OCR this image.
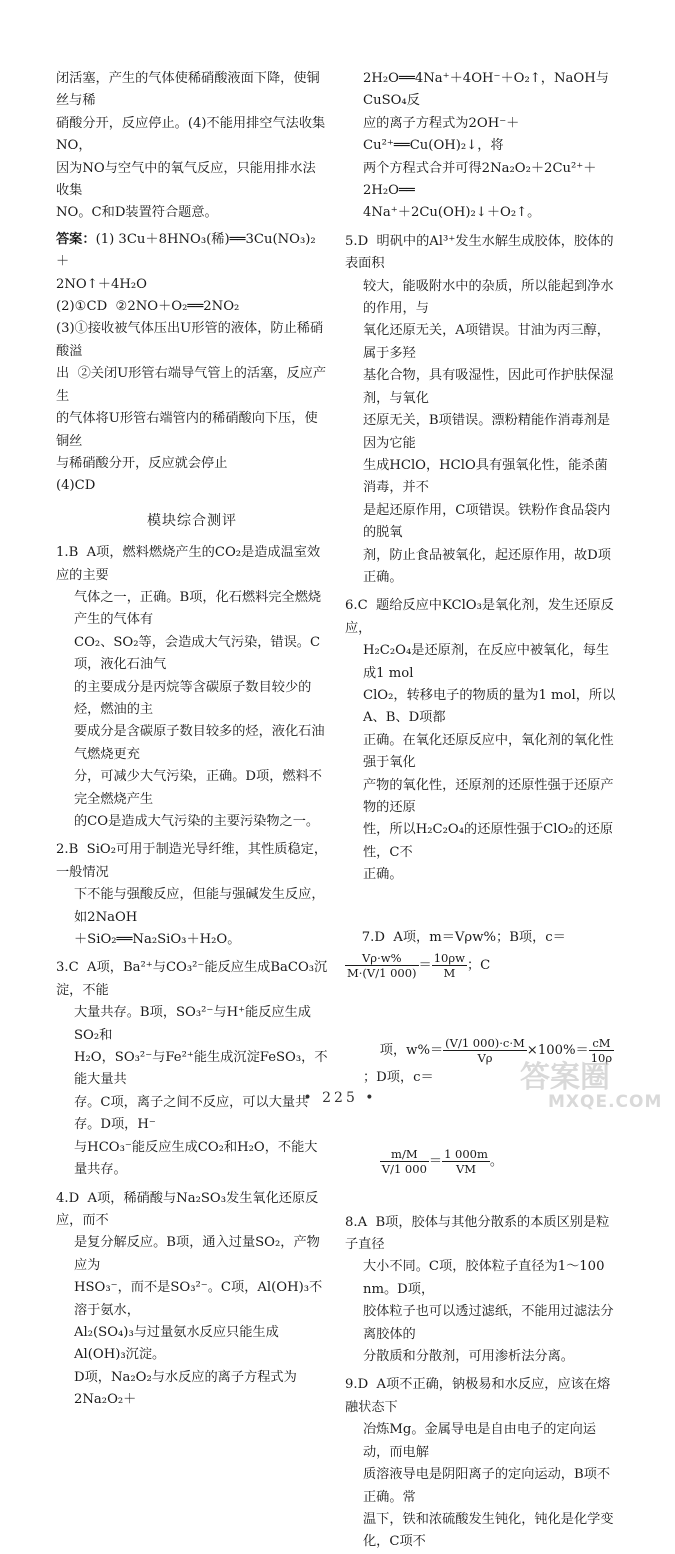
闭活塞，产生的气体使稀硝酸液面下降，使铜丝与稀

硝酸分开，反应停止。(4)不能用排空气法收集NO，

因为NO与空气中的氧气反应，只能用排水法收集

NO。C和D装置符合题意。

答案：(1) 3Cu＋8HNO₃(稀)══3Cu(NO₃)₂＋

2NO↑＋4H₂O

(2)①CD  ②2NO＋O₂══2NO₂

(3)①接收被气体压出U形管的液体，防止稀硝酸溢

出  ②关闭U形管右端导气管上的活塞，反应产生

的气体将U形管右端管内的稀硝酸向下压，使铜丝

与稀硝酸分开，反应就会停止

(4)CD

模块综合测评

1.B  A项，燃料燃烧产生的CO₂是造成温室效应的主要

气体之一，正确。B项，化石燃料完全燃烧产生的气体有

CO₂、SO₂等，会造成大气污染，错误。C项，液化石油气

的主要成分是丙烷等含碳原子数目较少的烃，燃油的主

要成分是含碳原子数目较多的烃，液化石油气燃烧更充

分，可减少大气污染，正确。D项，燃料不完全燃烧产生

的CO是造成大气污染的主要污染物之一。

2.B  SiO₂可用于制造光导纤维，其性质稳定，一般情况

下不能与强酸反应，但能与强碱发生反应，如2NaOH

＋SiO₂══Na₂SiO₃＋H₂O。

3.C  A项，Ba²⁺与CO₃²⁻能反应生成BaCO₃沉淀，不能

大量共存。B项，SO₃²⁻与H⁺能反应生成SO₂和

H₂O，SO₃²⁻与Fe²⁺能生成沉淀FeSO₃，不能大量共

存。C项，离子之间不反应，可以大量共存。D项，H⁻

与HCO₃⁻能反应生成CO₂和H₂O，不能大量共存。

4.D  A项，稀硝酸与Na₂SO₃发生氧化还原反应，而不

是复分解反应。B项，通入过量SO₂，产物应为

HSO₃⁻，而不是SO₃²⁻。C项，Al(OH)₃不溶于氨水，

Al₂(SO₄)₃与过量氨水反应只能生成Al(OH)₃沉淀。

D项，Na₂O₂与水反应的离子方程式为2Na₂O₂＋

2H₂O══4Na⁺＋4OH⁻＋O₂↑，NaOH与CuSO₄反

应的离子方程式为2OH⁻＋Cu²⁺══Cu(OH)₂↓，将

两个方程式合并可得2Na₂O₂＋2Cu²⁺＋2H₂O══

4Na⁺＋2Cu(OH)₂↓＋O₂↑。

5.D  明矾中的Al³⁺发生水解生成胶体，胶体的表面积

较大，能吸附水中的杂质，所以能起到净水的作用，与

氧化还原无关，A项错误。甘油为丙三醇，属于多羟

基化合物，具有吸湿性，因此可作护肤保湿剂，与氧化

还原无关，B项错误。漂粉精能作消毒剂是因为它能

生成HClO，HClO具有强氧化性，能杀菌消毒，并不

是起还原作用，C项错误。铁粉作食品袋内的脱氧

剂，防止食品被氧化，起还原作用，故D项正确。

6.C  题给反应中KClO₃是氧化剂，发生还原反应，

H₂C₂O₄是还原剂，在反应中被氧化，每生成1 mol

ClO₂，转移电子的物质的量为1 mol，所以A、B、D项都

正确。在氧化还原反应中，氧化剂的氧化性强于氧化

产物的氧化性，还原剂的还原性强于还原产物的还原

性，所以H₂C₂O₄的还原性强于ClO₂的还原性，C不

正确。

7.D  A项，m＝Vρw%；B项，c＝
$\frac{V\rho\cdot w\%}{M\cdot(V/1 000)} = \frac{10\rho w}{M}$ ；C

项，$w\%= \frac{(V/1 000)\cdot c\cdot M}{V\rho} \times 100\%= \frac{cM}{10\rho}$
；D项，c＝

$\frac{m/M}{V/1 000} = \frac{1 000m}{VM}$ 。

8.A  B项，胶体与其他分散系的本质区别是粒子直径

大小不同。C项，胶体粒子直径为1～100 nm。D项，

胶体粒子也可以透过滤纸，不能用过滤法分离胶体的

分散质和分散剂，可用渗析法分离。

9.D  A项不正确，钠极易和水反应，应该在熔融状态下

冶炼Mg。金属导电是自由电子的定向运动，而电解

质溶液导电是阴阳离子的定向运动，B项不正确。常

温下，铁和浓硫酸发生钝化，钝化是化学变化，C项不

• 225 •
答案圈
MXQE.COM
